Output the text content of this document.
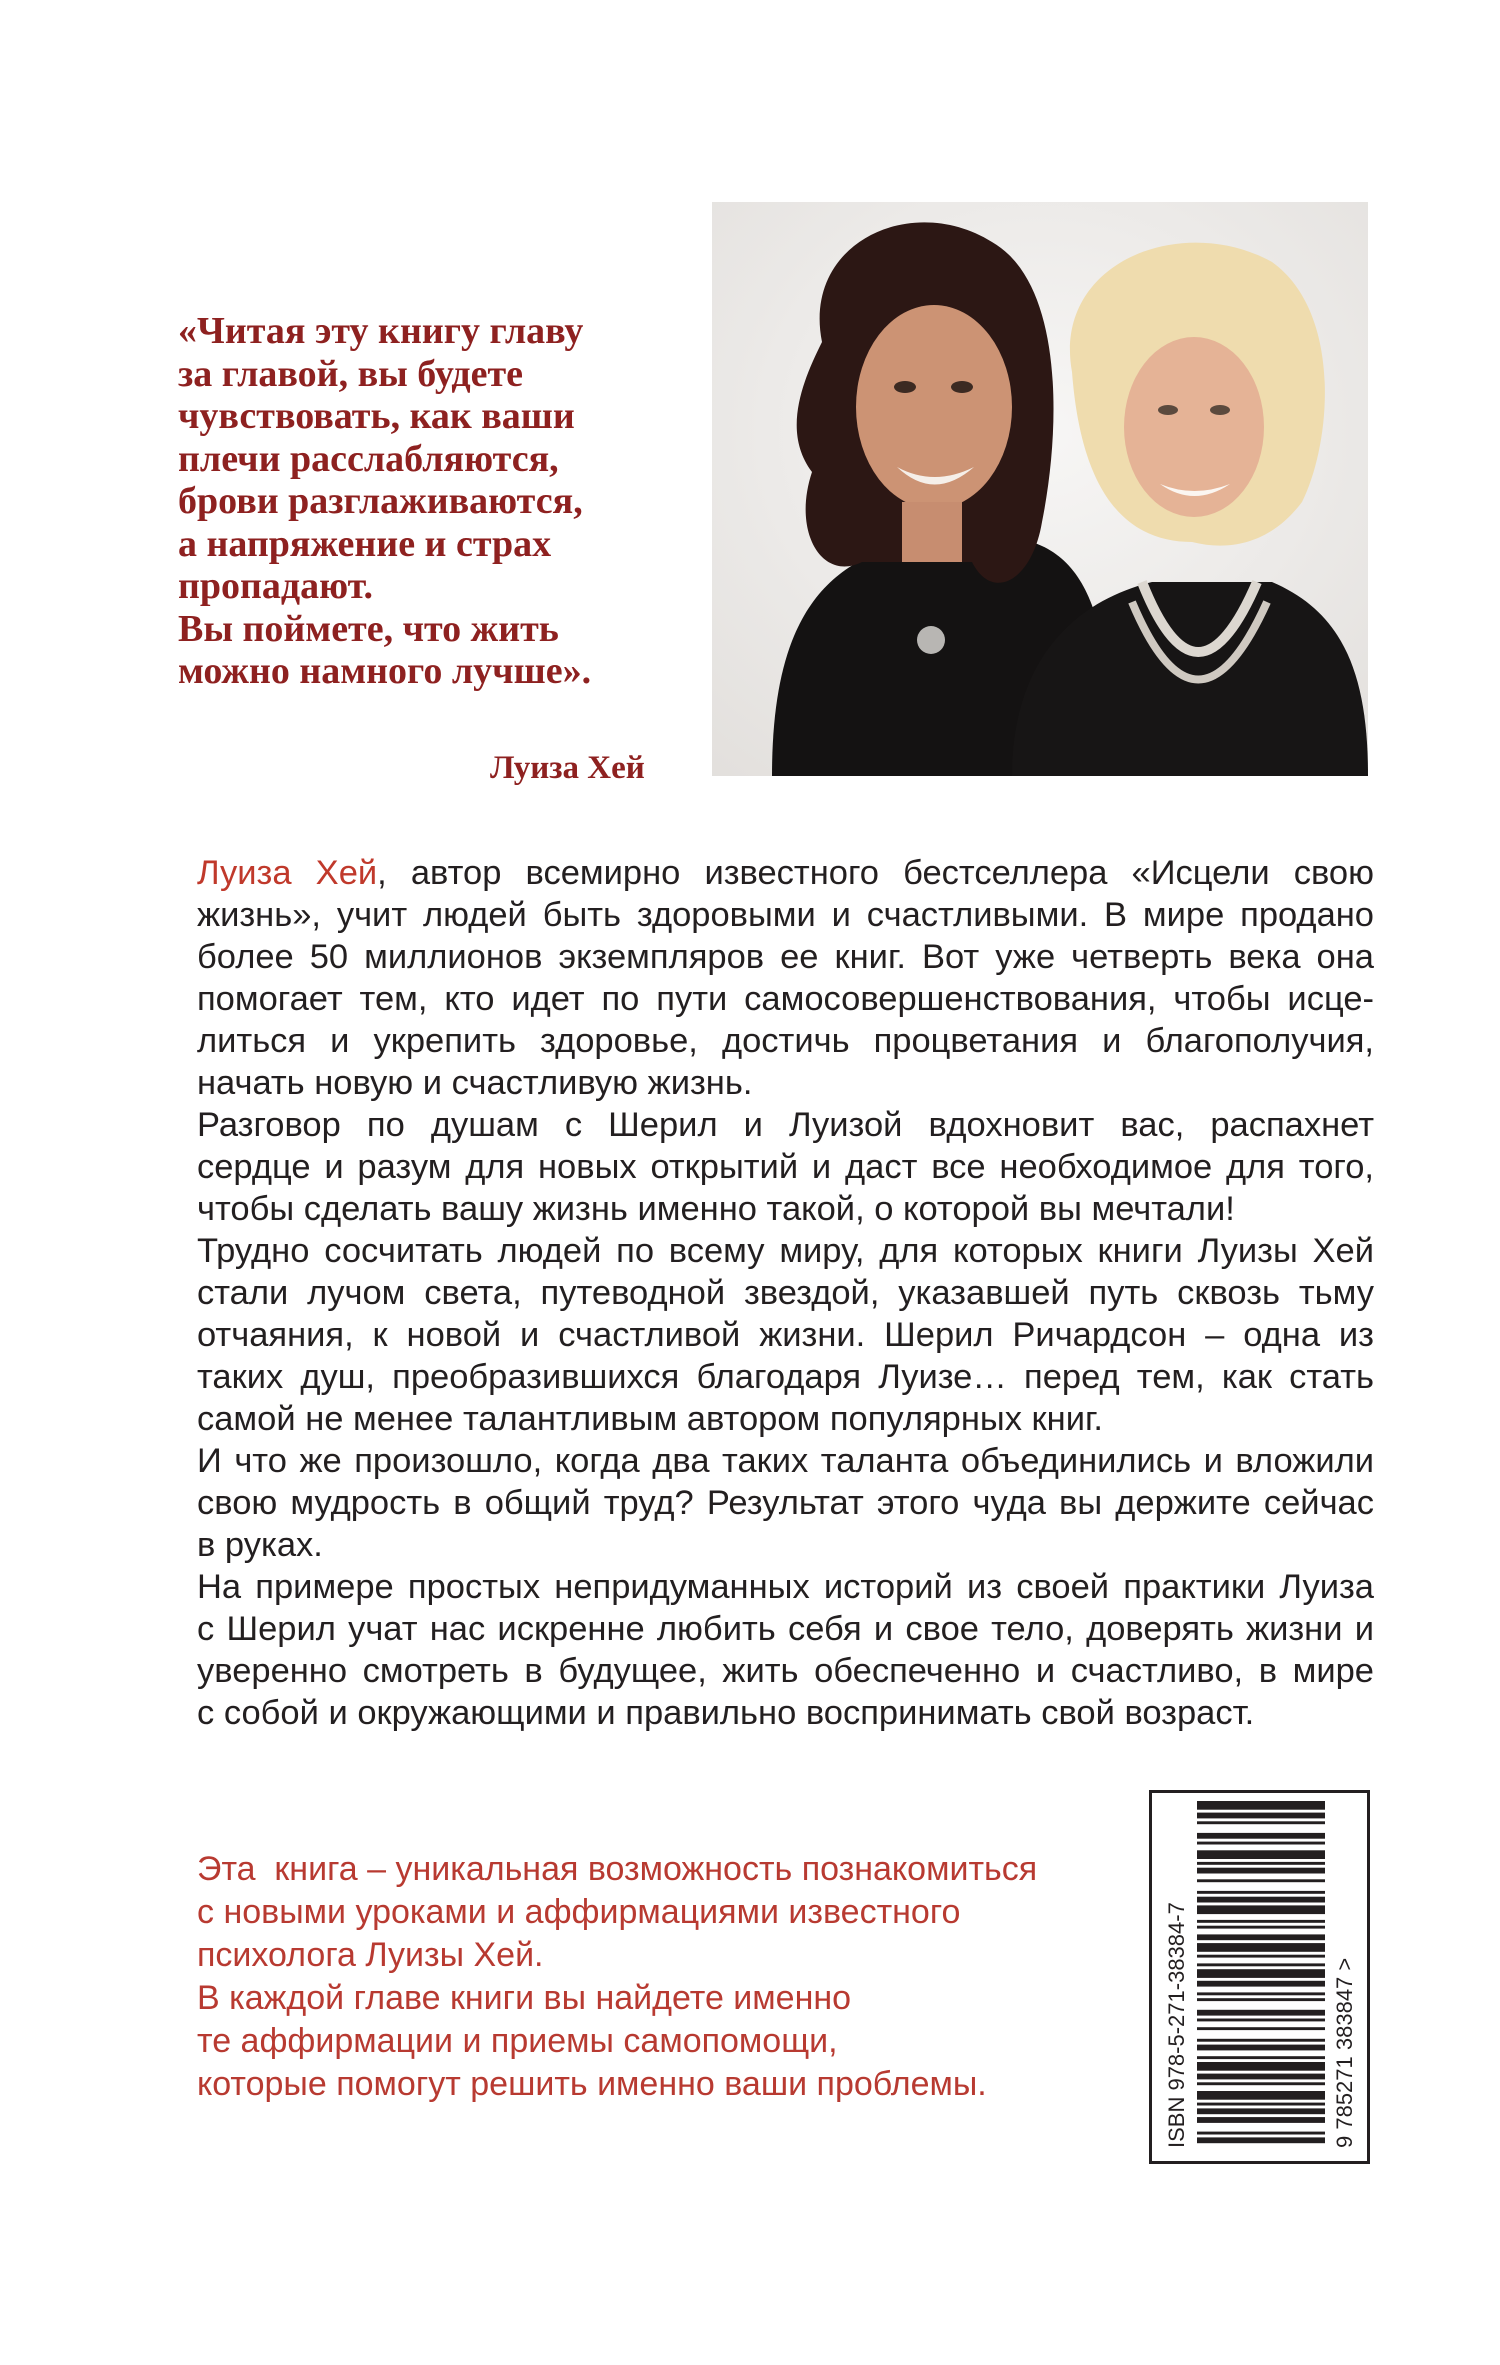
«Читая эту книгу главу
за главой, вы будете
чувствовать, как ваши
плечи расслабляются,
брови разглаживаются,
а напряжение и страх
пропадают.
Вы поймете, что жить
можно намного лучше».
Луиза Хей
Луиза Хей, автор всемирно известного бестселлера «Исцели свою
жизнь», учит людей быть здоровыми и счастливыми. В мире продано
более 50 миллионов экземпляров ее книг. Вот уже четверть века она
помогает тем, кто идет по пути самосовершенствования, чтобы исце-
литься и укрепить здоровье, достичь процветания и благополучия,
начать новую и счастливую жизнь.
Разговор по душам с Шерил и Луизой вдохновит вас, распахнет
сердце и разум для новых открытий и даст все необходимое для того,
чтобы сделать вашу жизнь именно такой, о которой вы мечтали!
Трудно сосчитать людей по всему миру, для которых книги Луизы Хей
стали лучом света, путеводной звездой, указавшей путь сквозь тьму
отчаяния, к новой и счастливой жизни. Шерил Ричардсон – одна из
таких душ, преобразившихся благодаря Луизе… перед тем, как стать
самой не менее талантливым автором популярных книг.
И что же произошло, когда два таких таланта объединились и вложили
свою мудрость в общий труд? Результат этого чуда вы держите сейчас
в руках.
На примере простых непридуманных историй из своей практики Луиза
с Шерил учат нас искренне любить себя и свое тело, доверять жизни и
уверенно смотреть в будущее, жить обеспеченно и счастливо, в мире
с собой и окружающими и правильно воспринимать свой возраст.
Эта  книга – уникальная возможность познакомиться
с новыми уроками и аффирмациями известного
психолога Луизы Хей.
В каждой главе книги вы найдете именно
те аффирмации и приемы самопомощи,
которые помогут решить именно ваши проблемы.	ISBN 978-5-271-38384-7	9 785271 383847 >
